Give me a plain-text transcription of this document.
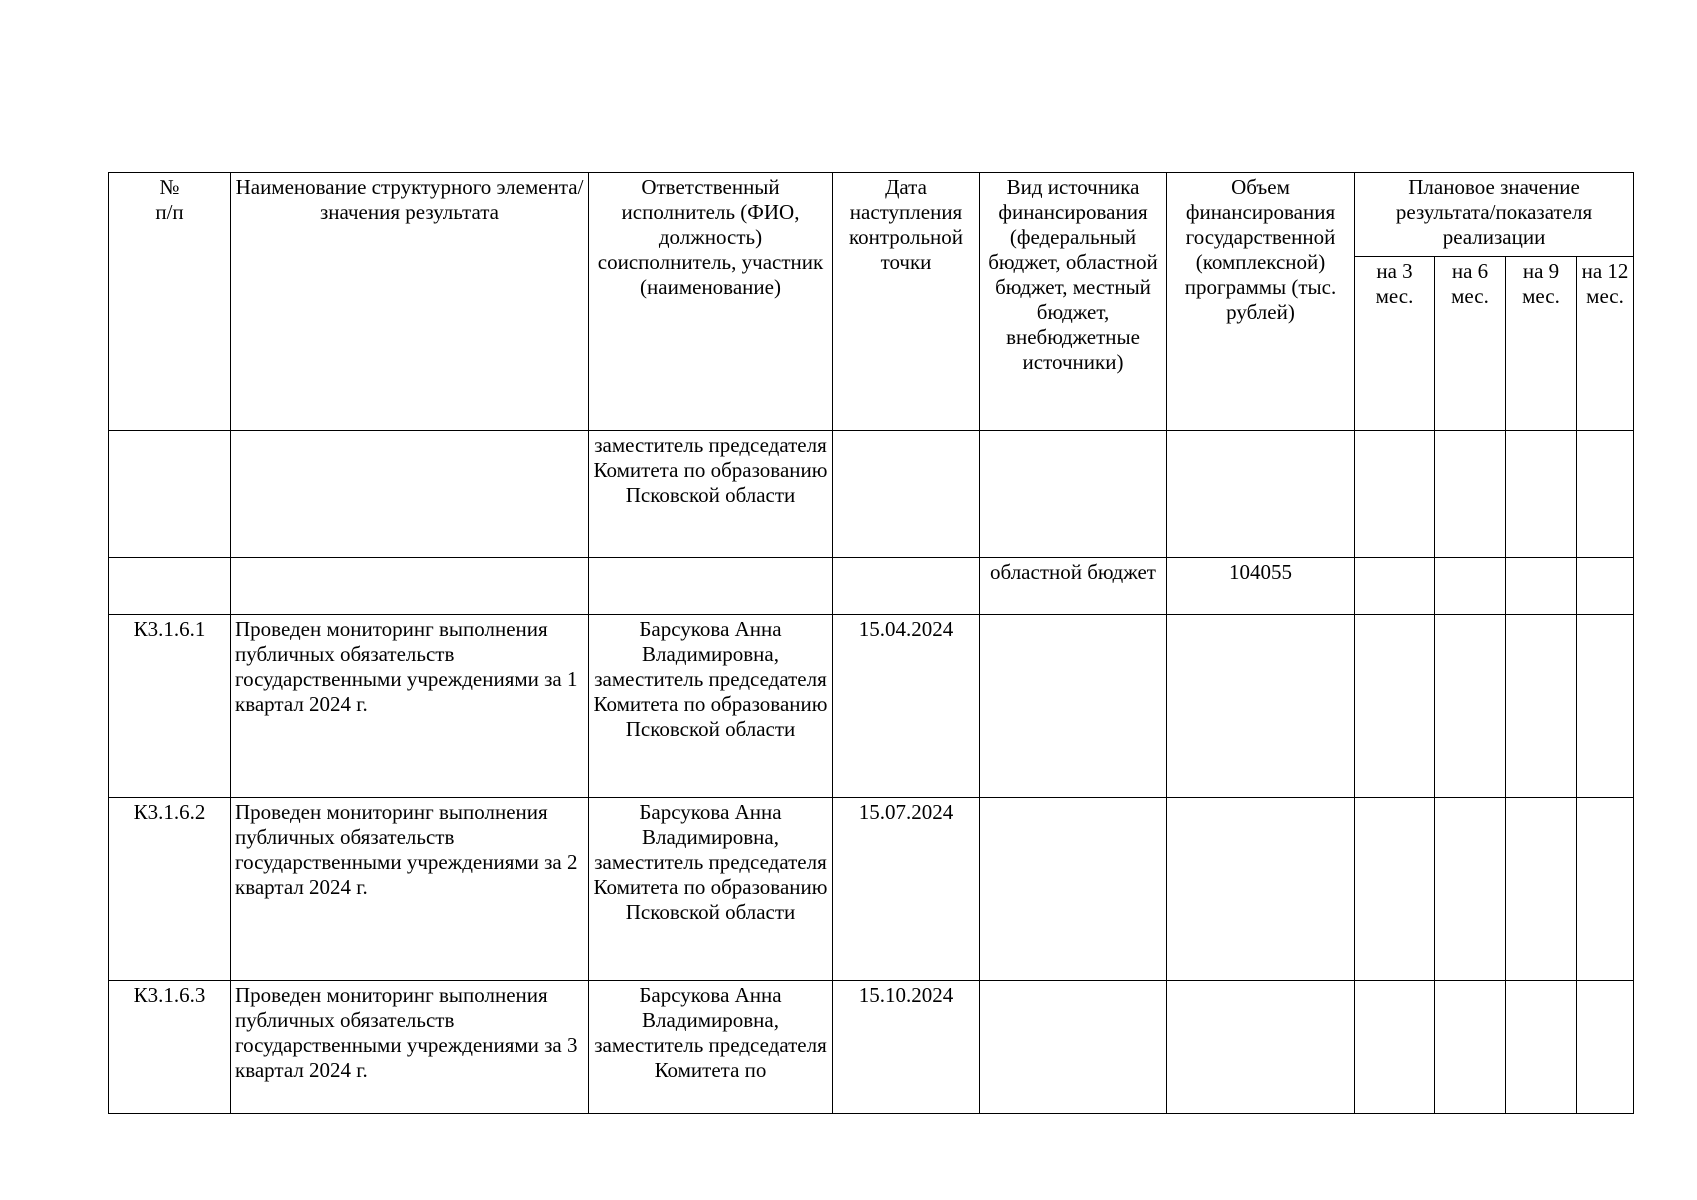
№
п/п	Наименование структурного элемента/ значения результата	Ответственный исполнитель (ФИО, должность) соисполнитель, участник (наименование)	Дата наступления контрольной точки	Вид источника финансирования (федеральный бюджет, областной бюджет, местный бюджет, внебюджетные источники)	Объем финансирования государственной (комплексной) программы (тыс. рублей)	Плановое значение результата/показателя реализации			
						на 3 мес.	на 6 мес.	на 9 мес.	на 12 мес.
		заместитель председателя Комитета по образованию Псковской области							
				областной бюджет	104055				
К3.1.6.1	Проведен мониторинг выполнения публичных обязательств государственными учреждениями за 1 квартал 2024 г.	Барсукова Анна Владимировна, заместитель председателя Комитета по образованию Псковской области	15.04.2024						
К3.1.6.2	Проведен мониторинг выполнения публичных обязательств государственными учреждениями за 2 квартал 2024 г.	Барсукова Анна Владимировна, заместитель председателя Комитета по образованию Псковской области	15.07.2024						
К3.1.6.3	Проведен мониторинг выполнения публичных обязательств государственными учреждениями за 3 квартал 2024 г.	Барсукова Анна Владимировна, заместитель председателя Комитета по	15.10.2024						
